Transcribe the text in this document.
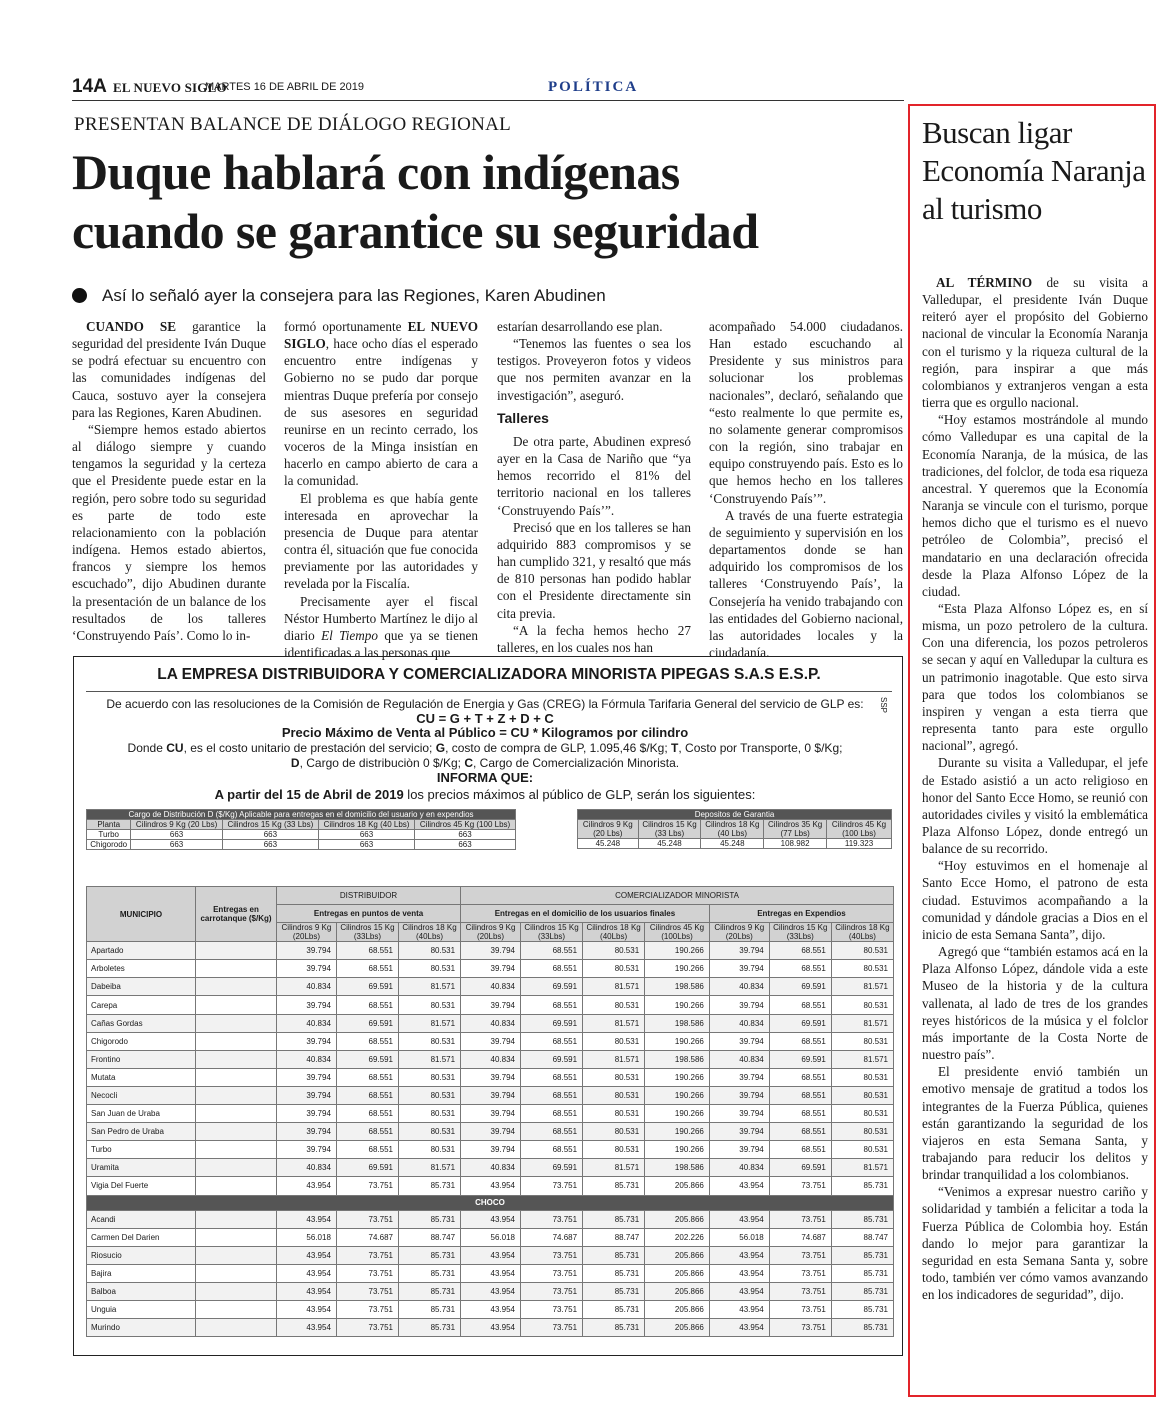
14A EL NUEVO SIGLO
MARTES 16 DE ABRIL DE 2019	POLÍTICA
PRESENTAN BALANCE DE DIÁLOGO REGIONAL
Duque hablará con indígenas
cuando se garantice su seguridad
Así lo señaló ayer la consejera para las Regiones, Karen Abudinen

CUANDO SE garantice la seguridad del presidente Iván Duque se podrá efectuar su encuentro con las comunidades indígenas del Cauca, sostuvo ayer la consejera para las Regiones, Karen Abudinen.

“Siempre hemos estado abiertos al diálogo siempre y cuando tengamos la seguridad y la certeza que el Presidente puede estar en la región, pero sobre todo su seguridad es parte de todo este relacionamiento con la población indígena. Hemos estado abiertos, francos y siempre los hemos escuchado”, dijo Abudinen durante la presentación de un balance de los resultados de los talleres ‘Construyendo País’. Como lo in-

formó oportunamente EL NUEVO SIGLO, hace ocho días el esperado encuentro entre indígenas y Gobierno no se pudo dar porque mientras Duque prefería por consejo de sus asesores en seguridad reunirse en un recinto cerrado, los voceros de la Minga insistían en hacerlo en campo abierto de cara a la comunidad.

El problema es que había gente interesada en aprovechar la presencia de Duque para atentar contra él, situación que fue conocida previamente por las autoridades y revelada por la Fiscalía.

Precisamente ayer el fiscal Néstor Humberto Martínez le dijo al diario El Tiempo que ya se tienen identificadas a las personas que

estarían desarrollando ese plan.

“Tenemos las fuentes o sea los testigos. Proveyeron fotos y videos que nos permiten avanzar en la investigación”, aseguró.

Talleres

De otra parte, Abudinen expresó ayer en la Casa de Nariño que “ya hemos recorrido el 81% del territorio nacional en los talleres ‘Construyendo País’”.

Precisó que en los talleres se han adquirido 883 compromisos y se han cumplido 321, y resaltó que más de 810 personas han podido hablar con el Presidente directamente sin cita previa.

“A la fecha hemos hecho 27 talleres, en los cuales nos han

acompañado 54.000 ciudadanos. Han estado escuchando al Presidente y sus ministros para solucionar los problemas nacionales”, declaró, señalando que “esto realmente lo que permite es, no solamente generar compromisos con la región, sino trabajar en equipo construyendo país. Esto es lo que hemos hecho en los talleres ‘Construyendo País’”.

A través de una fuerte estrategia de seguimiento y supervisión en los departamentos donde se han adquirido los compromisos de los talleres ‘Construyendo País’, la Consejería ha venido trabajando con las entidades del Gobierno nacional, las autoridades locales y la ciudadanía.

LA EMPRESA DISTRIBUIDORA Y COMERCIALIZADORA MINORISTA PIPEGAS S.A.S E.S.P.
De acuerdo con las resoluciones de la Comisión de Regulación de Energia y Gas (CREG) la Fórmula Tarifaria General del servicio de GLP es:
CU = G + T + Z + D + C
Precio Máximo de Venta al Público = CU * Kilogramos por cilindro
Donde CU, es el costo unitario de prestación del servicio; G, costo de compra de GLP, 1.095,46 $/Kg; T, Costo por Transporte, 0 $/Kg;
D, Cargo de distribuciòn 0 $/Kg; C, Cargo de Comercialización Minorista.
INFORMA QUE:
A partir del 15 de Abril de 2019 los precios máximos al público de GLP, serán los siguientes:
SSP
Cargo de Distribución D ($/Kg) Aplicable para entregas en el domicilio del usuario y en expendios				
Planta	Cilindros 9 Kg (20 Lbs)	Cilindros 15 Kg (33 Lbs)	Cilindros 18 Kg (40 Lbs)	Cilindros 45 Kg (100 Lbs)
Turbo	663	663	663	663
Chigorodo	663	663	663	663
Depositos de Garantia				
Cilindros 9 Kg (20 Lbs)	Cilindros 15 Kg (33 Lbs)	Cilindros 18 Kg (40 Lbs)	Cilindros 35 Kg (77 Lbs)	Cilindros 45 Kg (100 Lbs)
45.248	45.248	45.248	108.982	119.323
MUNICIPIO	Entregas en carrotanque ($/Kg)	DISTRIBUIDOR			COMERCIALIZADOR MINORISTA						
		Entregas en puntos de venta			Entregas en el domicilio de los usuarios finales				Entregas en Expendios		
		Cilindros 9 Kg (20Lbs)	Cilindros 15 Kg (33Lbs)	Cilindros 18 Kg (40Lbs)	Cilindros 9 Kg (20Lbs)	Cilindros 15 Kg (33Lbs)	Cilindros 18 Kg (40Lbs)	Cilindros 45 Kg (100Lbs)	Cilindros 9 Kg (20Lbs)	Cilindros 15 Kg (33Lbs)	Cilindros 18 Kg (40Lbs)
Apartado		39.794	68.551	80.531	39.794	68.551	80.531	190.266	39.794	68.551	80.531
Arboletes		39.794	68.551	80.531	39.794	68.551	80.531	190.266	39.794	68.551	80.531
Dabeiba		40.834	69.591	81.571	40.834	69.591	81.571	198.586	40.834	69.591	81.571
Carepa		39.794	68.551	80.531	39.794	68.551	80.531	190.266	39.794	68.551	80.531
Cañas Gordas		40.834	69.591	81.571	40.834	69.591	81.571	198.586	40.834	69.591	81.571
Chigorodo		39.794	68.551	80.531	39.794	68.551	80.531	190.266	39.794	68.551	80.531
Frontino		40.834	69.591	81.571	40.834	69.591	81.571	198.586	40.834	69.591	81.571
Mutata		39.794	68.551	80.531	39.794	68.551	80.531	190.266	39.794	68.551	80.531
Necocli		39.794	68.551	80.531	39.794	68.551	80.531	190.266	39.794	68.551	80.531
San Juan de Uraba		39.794	68.551	80.531	39.794	68.551	80.531	190.266	39.794	68.551	80.531
San Pedro de Uraba		39.794	68.551	80.531	39.794	68.551	80.531	190.266	39.794	68.551	80.531
Turbo		39.794	68.551	80.531	39.794	68.551	80.531	190.266	39.794	68.551	80.531
Uramita		40.834	69.591	81.571	40.834	69.591	81.571	198.586	40.834	69.591	81.571
Vigia Del Fuerte		43.954	73.751	85.731	43.954	73.751	85.731	205.866	43.954	73.751	85.731
CHOCO											
Acandi		43.954	73.751	85.731	43.954	73.751	85.731	205.866	43.954	73.751	85.731
Carmen Del Darien		56.018	74.687	88.747	56.018	74.687	88.747	202.226	56.018	74.687	88.747
Riosucio		43.954	73.751	85.731	43.954	73.751	85.731	205.866	43.954	73.751	85.731
Bajira		43.954	73.751	85.731	43.954	73.751	85.731	205.866	43.954	73.751	85.731
Balboa		43.954	73.751	85.731	43.954	73.751	85.731	205.866	43.954	73.751	85.731
Unguia		43.954	73.751	85.731	43.954	73.751	85.731	205.866	43.954	73.751	85.731
Murindo		43.954	73.751	85.731	43.954	73.751	85.731	205.866	43.954	73.751	85.731
Buscan ligar Economía Naranja al turismo

AL TÉRMINO de su visita a Valledupar, el presidente Iván Duque reiteró ayer el propósito del Gobierno nacional de vincular la Economía Naranja con el turismo y la riqueza cultural de la región, para inspirar a que más colombianos y extranjeros vengan a esta tierra que es orgullo nacional.

“Hoy estamos mostrándole al mundo cómo Valledupar es una capital de la Economía Naranja, de la música, de las tradiciones, del folclor, de toda esa riqueza ancestral. Y queremos que la Economía Naranja se vincule con el turismo, porque hemos dicho que el turismo es el nuevo petróleo de Colombia”, precisó el mandatario en una declaración ofrecida desde la Plaza Alfonso López de la ciudad.

“Esta Plaza Alfonso López es, en sí misma, un pozo petrolero de la cultura. Con una diferencia, los pozos petroleros se secan y aquí en Valledupar la cultura es un patrimonio inagotable. Que esto sirva para que todos los colombianos se inspiren y vengan a esta tierra que representa tanto para este orgullo nacional”, agregó.

Durante su visita a Valledupar, el jefe de Estado asistió a un acto religioso en honor del Santo Ecce Homo, se reunió con autoridades civiles y visitó la emblemática Plaza Alfonso López, donde entregó un balance de su recorrido.

“Hoy estuvimos en el homenaje al Santo Ecce Homo, el patrono de esta ciudad. Estuvimos acompañando a la comunidad y dándole gracias a Dios en el inicio de esta Semana Santa”, dijo.

Agregó que “también estamos acá en la Plaza Alfonso López, dándole vida a este Museo de la historia y de la cultura vallenata, al lado de tres de los grandes reyes históricos de la música y el folclor más importante de la Costa Norte de nuestro país”.

El presidente envió también un emotivo mensaje de gratitud a todos los integrantes de la Fuerza Pública, quienes están garantizando la seguridad de los viajeros en esta Semana Santa, y trabajando para reducir los delitos y brindar tranquilidad a los colombianos.

“Venimos a expresar nuestro cariño y solidaridad y también a felicitar a toda la Fuerza Pública de Colombia hoy. Están dando lo mejor para garantizar la seguridad en esta Semana Santa y, sobre todo, también ver cómo vamos avanzando en los indicadores de seguridad”, dijo.
